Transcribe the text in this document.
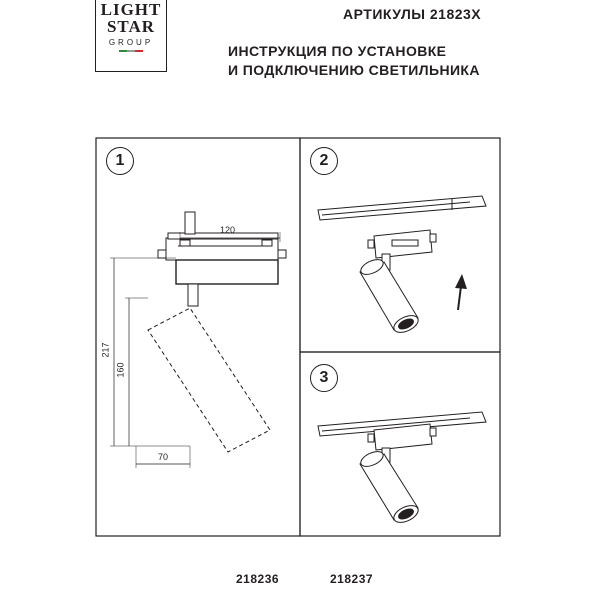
LIGHT
STAR
GROUP
АРТИКУЛЫ 21823Х
ИНСТРУКЦИЯ ПО УСТАНОВКЕ
И ПОДКЛЮЧЕНИЮ СВЕТИЛЬНИКА
1	2
3
120
217
160
70
218236	218237
